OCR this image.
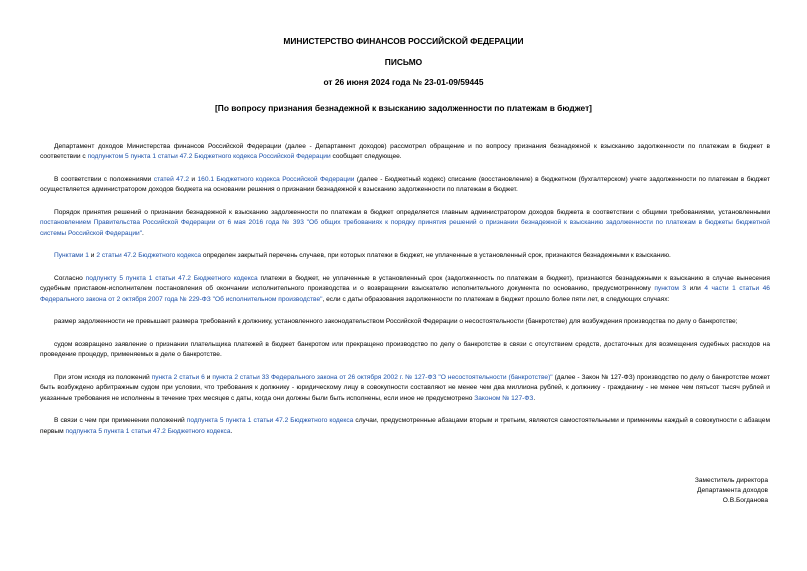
МИНИСТЕРСТВО ФИНАНСОВ РОССИЙСКОЙ ФЕДЕРАЦИИ
ПИСЬМО
от 26 июня 2024 года № 23-01-09/59445
[По вопросу признания безнадежной к взысканию задолженности по платежам в бюджет]

Департамент доходов Министерства финансов Российской Федерации (далее - Департамент доходов) рассмотрел обращение и по вопросу признания безнадежной к взысканию задолженности по платежам в бюджет в соответствии с подпунктом 5 пункта 1 статьи 47.2 Бюджетного кодекса Российской Федерации сообщает следующее.

В соответствии с положениями статей 47.2 и 160.1 Бюджетного кодекса Российской Федерации (далее - Бюджетный кодекс) списание (восстановление) в бюджетном (бухгалтерском) учете задолженности по платежам в бюджет осуществляется администратором доходов бюджета на основании решения о признании безнадежной к взысканию задолженности по платежам в бюджет.

Порядок принятия решений о признании безнадежной к взысканию задолженности по платежам в бюджет определяется главным администратором доходов бюджета в соответствии с общими требованиями, установленными постановлением Правительства Российской Федерации от 6 мая 2016 года № 393 "Об общих требованиях к порядку принятия решений о признании безнадежной к взысканию задолженности по платежам в бюджеты бюджетной системы Российской Федерации".

Пунктами 1 и 2 статьи 47.2 Бюджетного кодекса определен закрытый перечень случаев, при которых платежи в бюджет, не уплаченные в установленный срок, признаются безнадежными к взысканию.

Согласно подпункту 5 пункта 1 статьи 47.2 Бюджетного кодекса платежи в бюджет, не уплаченные в установленный срок (задолженность по платежам в бюджет), признаются безнадежными к взысканию в случае вынесения судебным приставом-исполнителем постановления об окончании исполнительного производства и о возвращении взыскателю исполнительного документа по основанию, предусмотренному пунктом 3 или 4 части 1 статьи 46 Федерального закона от 2 октября 2007 года № 229-ФЗ "Об исполнительном производстве", если с даты образования задолженности по платежам в бюджет прошло более пяти лет, в следующих случаях:

размер задолженности не превышает размера требований к должнику, установленного законодательством Российской Федерации о несостоятельности (банкротстве) для возбуждения производства по делу о банкротстве;

судом возвращено заявление о признании плательщика платежей в бюджет банкротом или прекращено производство по делу о банкротстве в связи с отсутствием средств, достаточных для возмещения судебных расходов на проведение процедур, применяемых в деле о банкротстве.

При этом исходя из положений пункта 2 статьи 6 и пункта 2 статьи 33 Федерального закона от 26 октября 2002 г. № 127-ФЗ "О несостоятельности (банкротстве)" (далее - Закон № 127-ФЗ) производство по делу о банкротстве может быть возбуждено арбитражным судом при условии, что требования к должнику - юридическому лицу в совокупности составляют не менее чем два миллиона рублей, к должнику - гражданину - не менее чем пятьсот тысяч рублей и указанные требования не исполнены в течение трех месяцев с даты, когда они должны были быть исполнены, если иное не предусмотрено Законом № 127-ФЗ.

В связи с чем при применении положений подпункта 5 пункта 1 статьи 47.2 Бюджетного кодекса случаи, предусмотренные абзацами вторым и третьим, являются самостоятельными и применимы каждый в совокупности с абзацем первым подпункта 5 пункта 1 статьи 47.2 Бюджетного кодекса.

Заместитель директора
Департамента доходов
О.В.Богданова
